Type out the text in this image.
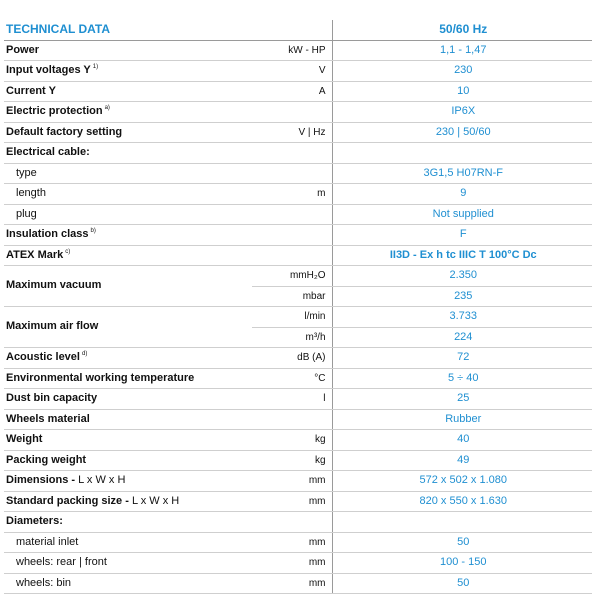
TECHNICAL DATA		50/60 Hz
Power	kW - HP	1,1 - 1,47
Input voltages Y $^{1)}$	V	230
Current Y	A	10
Electric protection $^{a)}$		IP6X
Default factory setting	V | Hz	230 | 50/60
Electrical cable:		
type		3G1,5 H07RN-F
length	m	9
plug		Not supplied
Insulation class $^{b)}$		F
ATEX Mark $^{c)}$		II3D - Ex h tc IIIC T 100°C Dc
Maximum vacuum	mmH₂O	2.350
	mbar	235
Maximum air flow	l/min	3.733
	m³/h	224
Acoustic level $^{d)}$	dB (A)	72
Environmental working temperature	°C	5 ÷ 40
Dust bin capacity	l	25
Wheels material		Rubber
Weight	kg	40
Packing weight	kg	49
Dimensions - L x W x H	mm	572 x 502 x 1.080
Standard packing size - L x W x H	mm	820 x 550 x 1.630
Diameters:		
material inlet	mm	50
wheels: rear | front	mm	100 - 150
wheels: bin	mm	50
